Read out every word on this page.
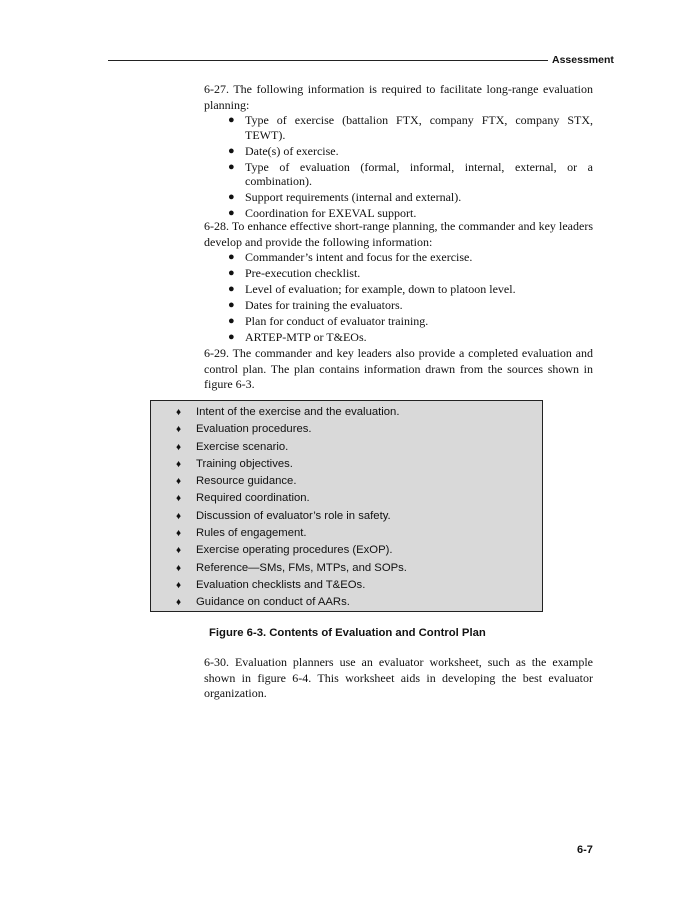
Assessment

6-27. The following information is required to facilitate long-range evaluation planning:

● Type of exercise (battalion FTX, company FTX, company STX, TEWT).
● Date(s) of exercise.
● Type of evaluation (formal, informal, internal, external, or a combination).
● Support requirements (internal and external).
● Coordination for EXEVAL support.

6-28. To enhance effective short-range planning, the commander and key leaders develop and provide the following information:

● Commander’s intent and focus for the exercise.
● Pre-execution checklist.
● Level of evaluation; for example, down to platoon level.
● Dates for training the evaluators.
● Plan for conduct of evaluator training.
● ARTEP-MTP or T&EOs.

6-29. The commander and key leaders also provide a completed evaluation and control plan. The plan contains information drawn from the sources shown in figure 6-3.

♦ Intent of the exercise and the evaluation.
♦ Evaluation procedures.
♦ Exercise scenario.
♦ Training objectives.
♦ Resource guidance.
♦ Required coordination.
♦ Discussion of evaluator’s role in safety.
♦ Rules of engagement.
♦ Exercise operating procedures (ExOP).
♦ Reference—SMs, FMs, MTPs, and SOPs.
♦ Evaluation checklists and T&EOs.
♦ Guidance on conduct of AARs.
Figure 6-3. Contents of Evaluation and Control Plan

6-30. Evaluation planners use an evaluator worksheet, such as the example shown in figure 6-4. This worksheet aids in developing the best evaluator organization.

6-7
